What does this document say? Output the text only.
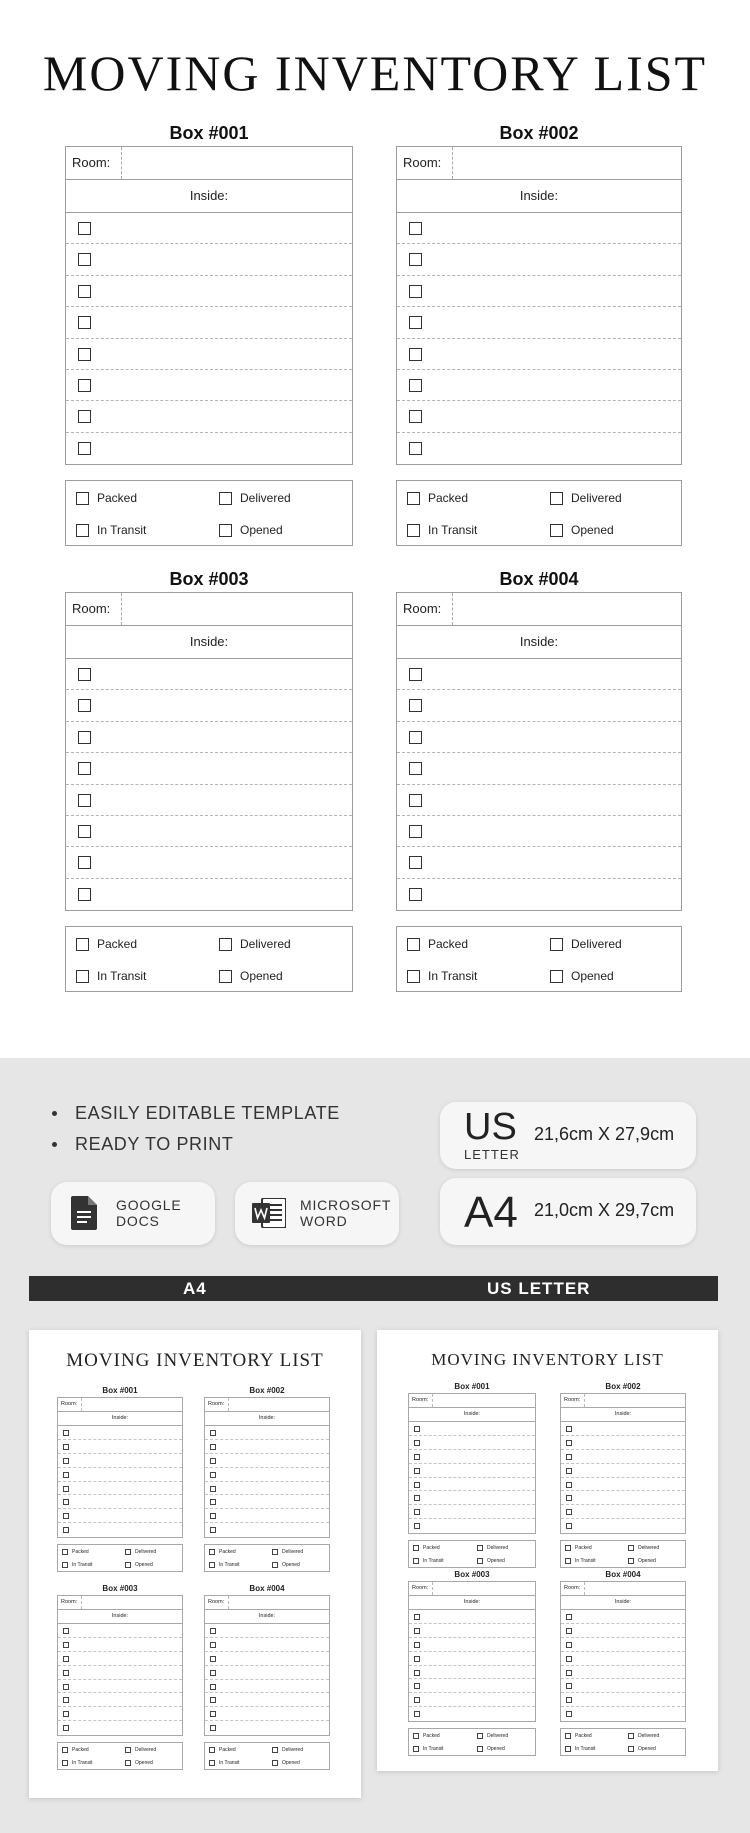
MOVING INVENTORY LIST
Box #001
Room:
Inside:
Packed	Delivered
In Transit	Opened
Box #002
Room:
Inside:
Packed	Delivered
In Transit	Opened
Box #003
Room:
Inside:
Packed	Delivered
In Transit	Opened
Box #004
Room:
Inside:
Packed	Delivered
In Transit	Opened
EASILY EDITABLE TEMPLATE
READY TO PRINT
GOOGLE
DOCS
MICROSOFT
WORD
US
LETTER
21,6cm X 27,9cm
A4 21,0cm X 29,7cm
A4	US LETTER
MOVING INVENTORY LIST
Box #001
Room:
Inside:
Packed	Delivered
In Transit	Opened
Box #002
Room:
Inside:
Packed	Delivered
In Transit	Opened
Box #003
Room:
Inside:
Packed	Delivered
In Transit	Opened
Box #004
Room:
Inside:
Packed	Delivered
In Transit	Opened
MOVING INVENTORY LIST
Box #001
Room:
Inside:
Packed	Delivered
In Transit	Opened
Box #002
Room:
Inside:
Packed	Delivered
In Transit	Opened
Box #003
Room:
Inside:
Packed	Delivered
In Transit	Opened
Box #004
Room:
Inside:
Packed	Delivered
In Transit	Opened
